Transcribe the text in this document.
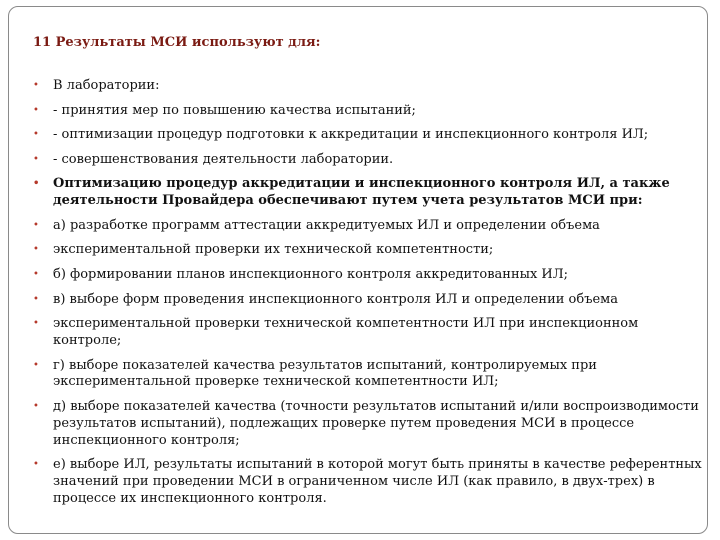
11 Результаты МСИ используют для:
• В лаборатории:
• - принятия мер по повышению качества испытаний;
• - оптимизации процедур подготовки к аккредитации и инспекционного контроля ИЛ;
• - совершенствования деятельности лаборатории.
• Оптимизацию процедур аккредитации и инспекционного контроля ИЛ, а также деятельности Провайдера обеспечивают путем учета результатов МСИ при:
• а) разработке программ аттестации аккредитуемых ИЛ и определении объема
• экспериментальной проверки их технической компетентности;
• б) формировании планов инспекционного контроля аккредитованных ИЛ;
• в) выборе форм проведения инспекционного контроля ИЛ и определении объема
• экспериментальной проверки технической компетентности ИЛ при инспекционном контроле;
• г) выборе показателей качества результатов испытаний, контролируемых при экспериментальной проверке технической компетентности ИЛ;
• д) выборе показателей качества (точности результатов испытаний и/или воспроизводимости результатов испытаний), подлежащих проверке путем проведения МСИ в процессе инспекционного контроля;
• е) выборе ИЛ, результаты испытаний в которой могут быть приняты в качестве референтных значений при проведении МСИ в ограниченном числе ИЛ (как правило, в двух-трех) в процессе их инспекционного контроля.
